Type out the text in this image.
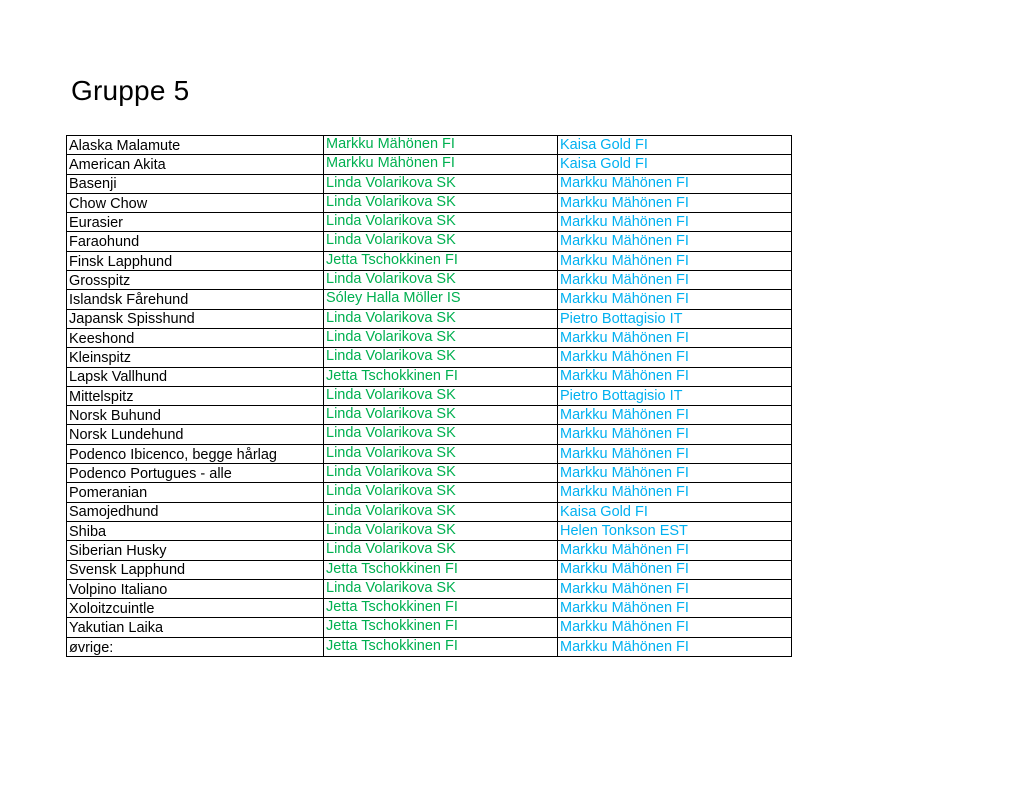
Gruppe 5
Alaska Malamute	Markku Mähönen FI	Kaisa Gold FI
American Akita	Markku Mähönen FI	Kaisa Gold FI
Basenji	Linda Volarikova SK	Markku Mähönen FI
Chow Chow	Linda Volarikova SK	Markku Mähönen FI
Eurasier	Linda Volarikova SK	Markku Mähönen FI
Faraohund	Linda Volarikova SK	Markku Mähönen FI
Finsk Lapphund	Jetta Tschokkinen FI	Markku Mähönen FI
Grosspitz	Linda Volarikova SK	Markku Mähönen FI
Islandsk Fårehund	Sóley Halla Möller IS	Markku Mähönen FI
Japansk Spisshund	Linda Volarikova SK	Pietro Bottagisio IT
Keeshond	Linda Volarikova SK	Markku Mähönen FI
Kleinspitz	Linda Volarikova SK	Markku Mähönen FI
Lapsk Vallhund	Jetta Tschokkinen FI	Markku Mähönen FI
Mittelspitz	Linda Volarikova SK	Pietro Bottagisio IT
Norsk Buhund	Linda Volarikova SK	Markku Mähönen FI
Norsk Lundehund	Linda Volarikova SK	Markku Mähönen FI
Podenco Ibicenco, begge hårlag	Linda Volarikova SK	Markku Mähönen FI
Podenco Portugues - alle	Linda Volarikova SK	Markku Mähönen FI
Pomeranian	Linda Volarikova SK	Markku Mähönen FI
Samojedhund	Linda Volarikova SK	Kaisa Gold FI
Shiba	Linda Volarikova SK	Helen Tonkson EST
Siberian Husky	Linda Volarikova SK	Markku Mähönen FI
Svensk Lapphund	Jetta Tschokkinen FI	Markku Mähönen FI
Volpino Italiano	Linda Volarikova SK	Markku Mähönen FI
Xoloitzcuintle	Jetta Tschokkinen FI	Markku Mähönen FI
Yakutian Laika	Jetta Tschokkinen FI	Markku Mähönen FI
øvrige:	Jetta Tschokkinen FI	Markku Mähönen FI
